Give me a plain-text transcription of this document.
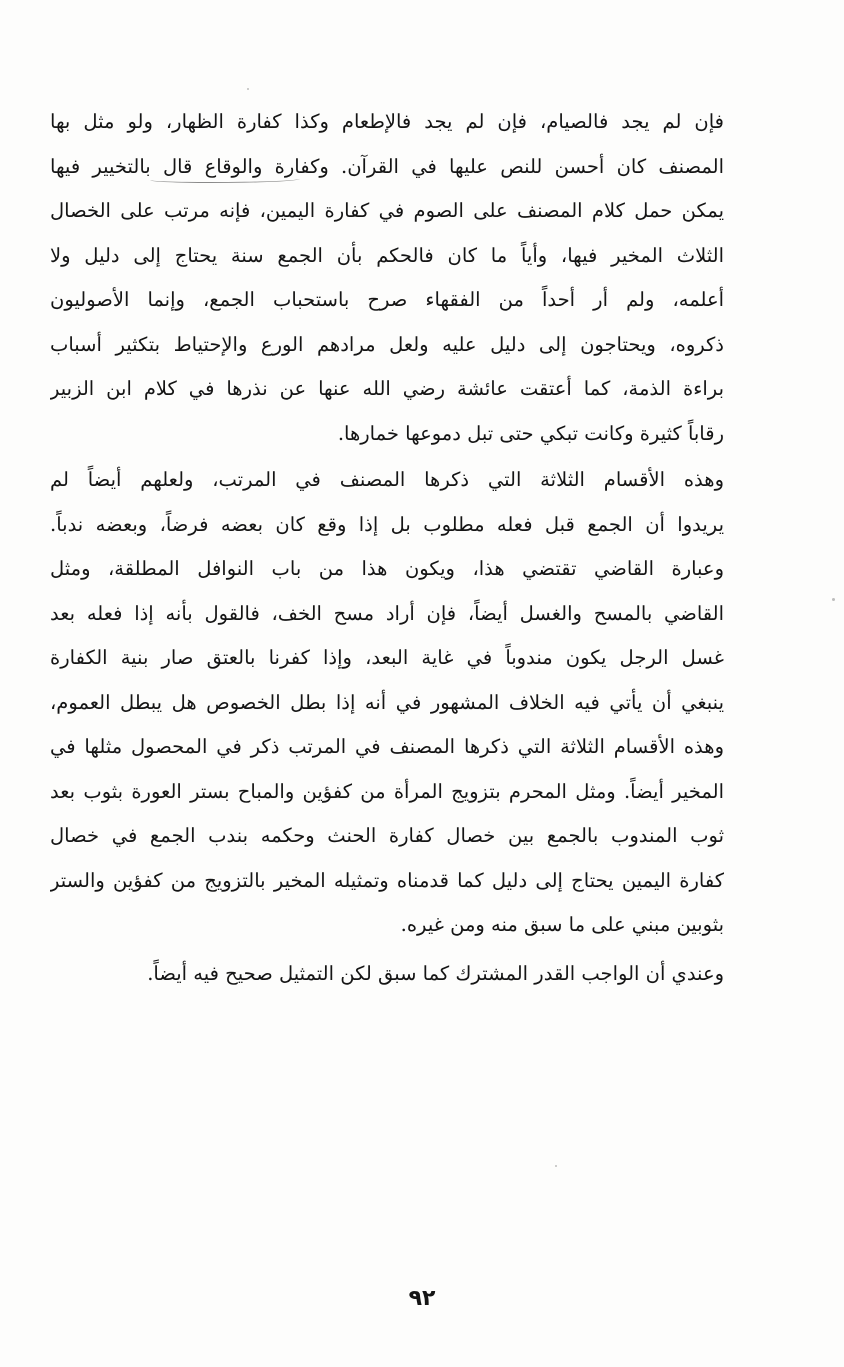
فإن لم يجد فالصيام، فإن لم يجد فالإطعام وكذا كفارة الظهار، ولو مثل بها
المصنف كان أحسن للنص عليها في القرآن. وكفارة والوقاع قال بالتخيير فيها
يمكن حمل كلام المصنف على الصوم في كفارة اليمين، فإنه مرتب على الخصال
الثلاث المخير فيها، وأياً ما كان فالحكم بأن الجمع سنة يحتاج إلى دليل ولا
أعلمه، ولم أر أحداً من الفقهاء صرح باستحباب الجمع، وإنما الأصوليون
ذكروه، ويحتاجون إلى دليل عليه ولعل مرادهم الورع والإحتياط بتكثير أسباب
براءة الذمة، كما أعتقت عائشة رضي الله عنها عن نذرها في كلام ابن الزبير
رقاباً كثيرة وكانت تبكي حتى تبل دموعها خمارها.
وهذه الأقسام الثلاثة التي ذكرها المصنف في المرتب، ولعلهم أيضاً لم
يريدوا أن الجمع قبل فعله مطلوب بل إذا وقع كان بعضه فرضاً، وبعضه ندباً.
وعبارة القاضي تقتضي هذا، ويكون هذا من باب النوافل المطلقة، ومثل
القاضي بالمسح والغسل أيضاً، فإن أراد مسح الخف، فالقول بأنه إذا فعله بعد
غسل الرجل يكون مندوباً في غاية البعد، وإذا كفرنا بالعتق صار بنية الكفارة
ينبغي أن يأتي فيه الخلاف المشهور في أنه إذا بطل الخصوص هل يبطل العموم،
وهذه الأقسام الثلاثة التي ذكرها المصنف في المرتب ذكر في المحصول مثلها في
المخير أيضاً. ومثل المحرم بتزويج المرأة من كفؤين والمباح بستر العورة بثوب بعد
ثوب المندوب بالجمع بين خصال كفارة الحنث وحكمه بندب الجمع في خصال
كفارة اليمين يحتاج إلى دليل كما قدمناه وتمثيله المخير بالتزويج من كفؤين والستر
بثوبين مبني على ما سبق منه ومن غيره.
وعندي أن الواجب القدر المشترك كما سبق لكن التمثيل صحيح فيه أيضاً.
٩٢
